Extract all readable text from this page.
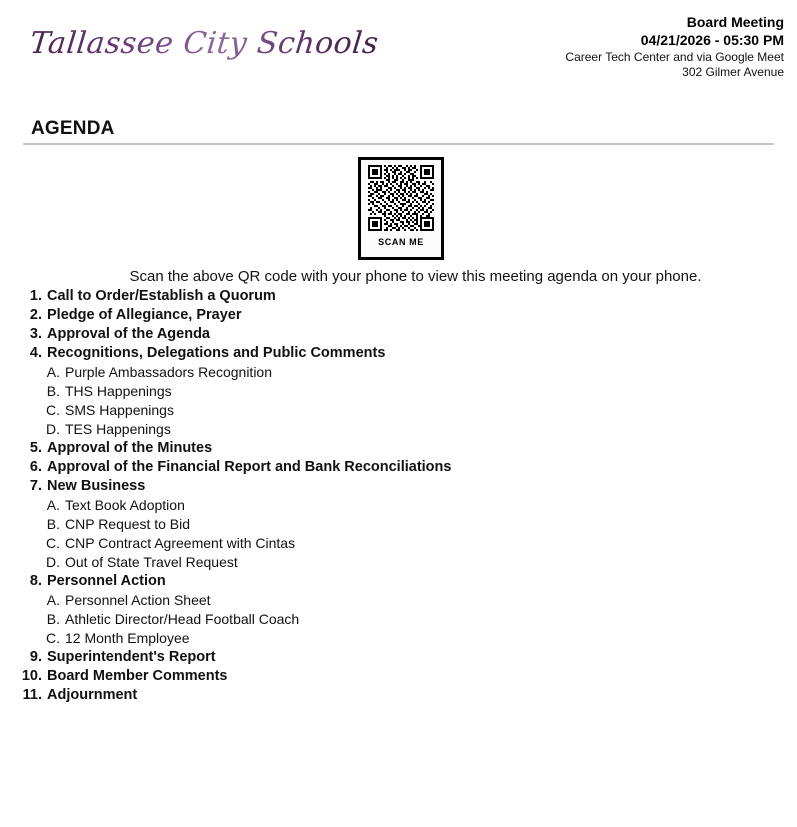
Tallassee City Schools
Board Meeting
04/21/2026 - 05:30 PM
Career Tech Center and via Google Meet
302 Gilmer Avenue
AGENDA
SCAN ME
Scan the above QR code with your phone to view this meeting agenda on your phone.
1. Call to Order/Establish a Quorum
2. Pledge of Allegiance, Prayer
3. Approval of the Agenda
4. Recognitions, Delegations and Public Comments
A. Purple Ambassadors Recognition
B. THS Happenings
C. SMS Happenings
D. TES Happenings
5. Approval of the Minutes
6. Approval of the Financial Report and Bank Reconciliations
7. New Business
A. Text Book Adoption
B. CNP Request to Bid
C. CNP Contract Agreement with Cintas
D. Out of State Travel Request
8. Personnel Action
A. Personnel Action Sheet
B. Athletic Director/Head Football Coach
C. 12 Month Employee
9. Superintendent's Report
10. Board Member Comments
11. Adjournment
